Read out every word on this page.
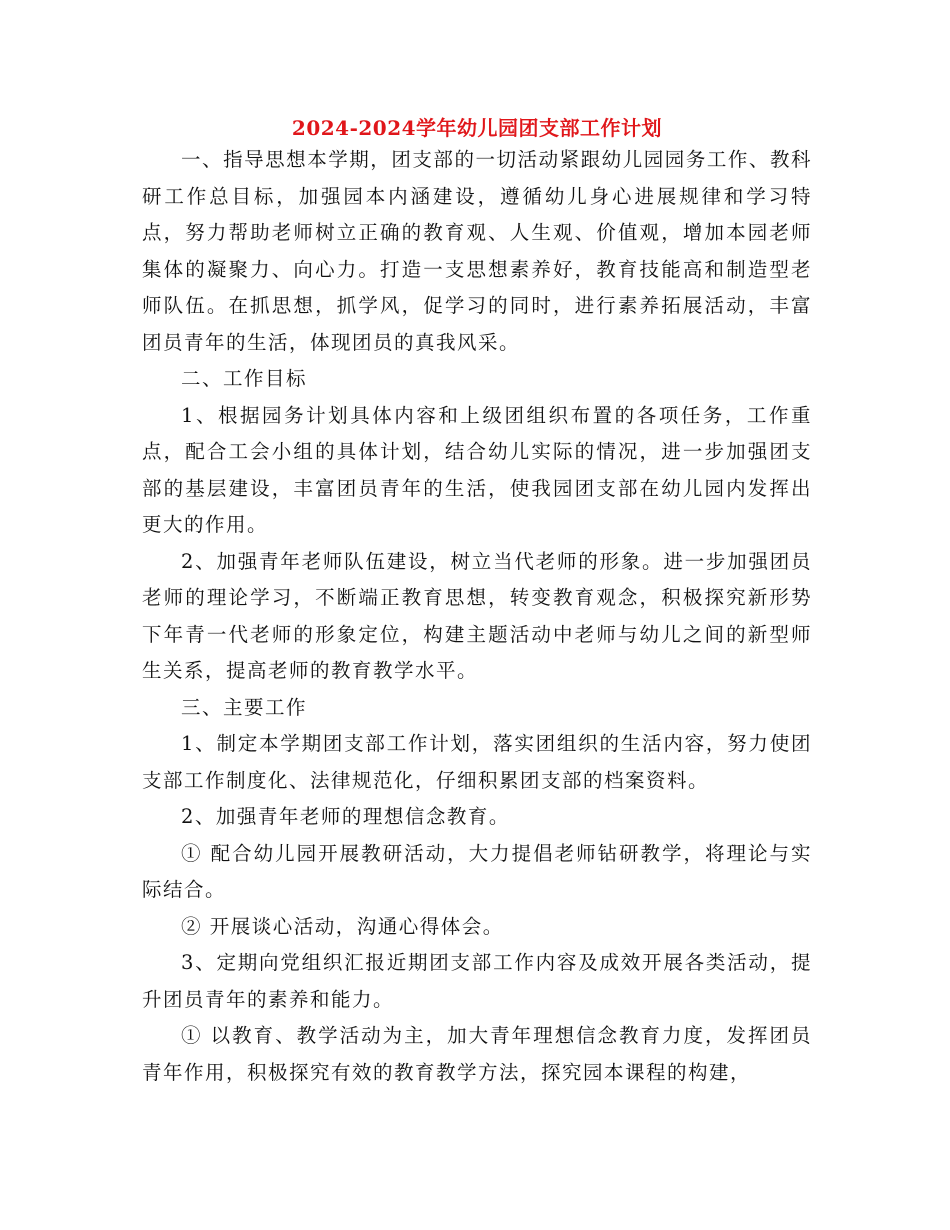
2024-2024学年幼儿园团支部工作计划

一、指导思想本学期，团支部的一切活动紧跟幼儿园园务工作、教科研工作总目标，加强园本内涵建设，遵循幼儿身心进展规律和学习特点，努力帮助老师树立正确的教育观、人生观、价值观，增加本园老师集体的凝聚力、向心力。打造一支思想素养好，教育技能高和制造型老师队伍。在抓思想，抓学风，促学习的同时，进行素养拓展活动，丰富团员青年的生活，体现团员的真我风采。

二、工作目标

1、根据园务计划具体内容和上级团组织布置的各项任务，工作重点，配合工会小组的具体计划，结合幼儿实际的情况，进一步加强团支部的基层建设，丰富团员青年的生活，使我园团支部在幼儿园内发挥出更大的作用。

2、加强青年老师队伍建设，树立当代老师的形象。进一步加强团员老师的理论学习，不断端正教育思想，转变教育观念，积极探究新形势下年青一代老师的形象定位，构建主题活动中老师与幼儿之间的新型师生关系，提高老师的教育教学水平。

三、主要工作

1、制定本学期团支部工作计划，落实团组织的生活内容，努力使团支部工作制度化、法律规范化，仔细积累团支部的档案资料。

2、加强青年老师的理想信念教育。

① 配合幼儿园开展教研活动，大力提倡老师钻研教学，将理论与实际结合。

② 开展谈心活动，沟通心得体会。

3、定期向党组织汇报近期团支部工作内容及成效开展各类活动，提升团员青年的素养和能力。

① 以教育、教学活动为主，加大青年理想信念教育力度，发挥团员青年作用，积极探究有效的教育教学方法，探究园本课程的构建，
